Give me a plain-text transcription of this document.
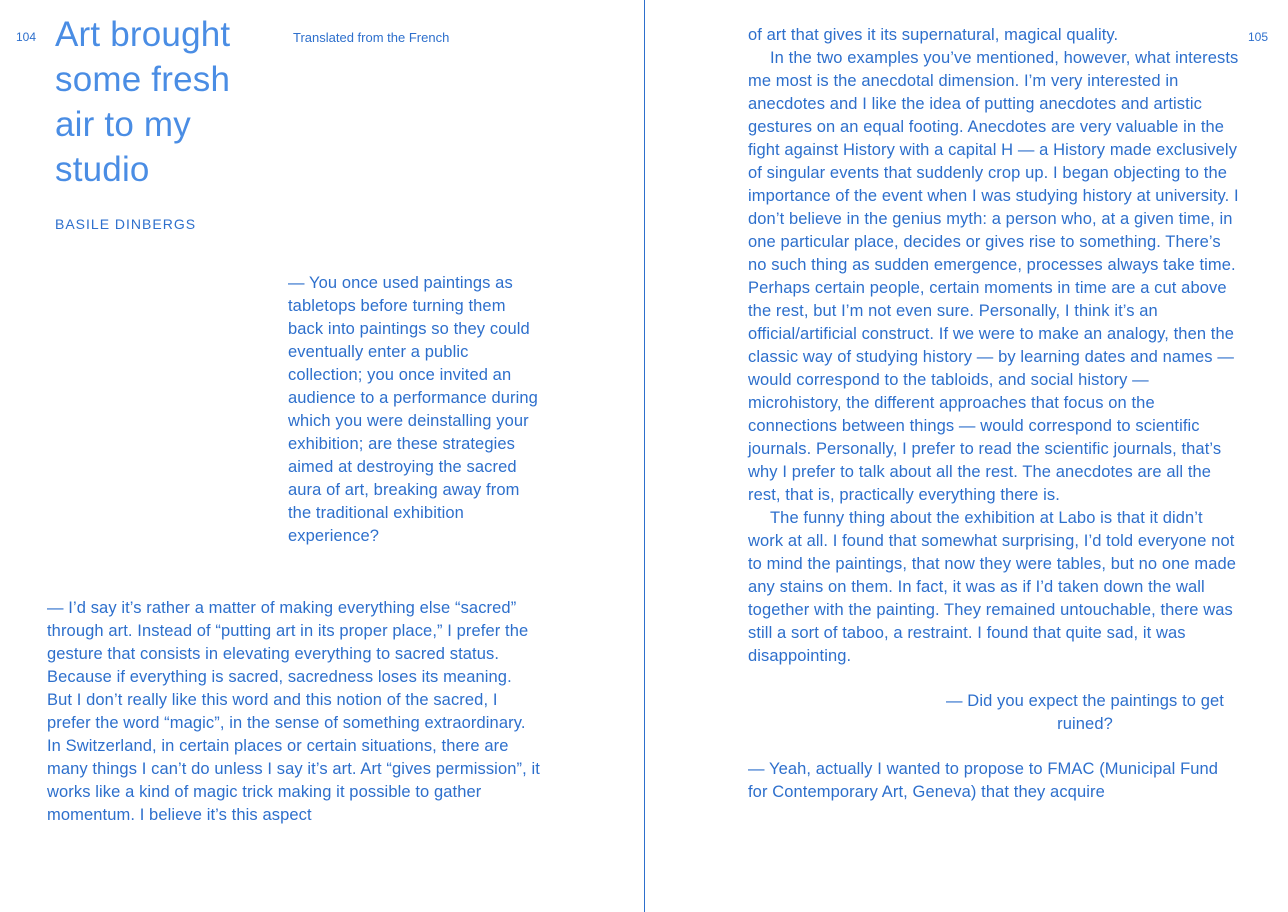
104 Art brought some fresh air to my studio
Translated from the French
BASILE DINBERGS
— You once used paintings as tabletops before turning them back into paintings so they could eventually enter a public collection; you once invited an audience to a performance during which you were deinstalling your exhibition; are these strategies aimed at destroying the sacred aura of art, breaking away from the traditional exhibition experience?
— I’d say it’s rather a matter of making everything else “sacred” through art. Instead of “putting art in its proper place,” I prefer the gesture that consists in elevating everything to sacred status. Because if everything is sacred, sacredness loses its meaning. But I don’t really like this word and this notion of the sacred, I prefer the word “magic”, in the sense of something extraordinary. In Switzerland, in certain places or certain situations, there are many things I can’t do unless I say it’s art. Art “gives permission”, it works like a kind of magic trick making it possible to gather momentum. I believe it’s this aspect
105

of art that gives it its supernatural, magical quality.

In the two examples you’ve mentioned, however, what interests me most is the anecdotal dimension. I’m very interested in anecdotes and I like the idea of putting anecdotes and artistic gestures on an equal footing. Anecdotes are very valuable in the fight against History with a capital H — a History made exclusively of singular events that suddenly crop up. I began objecting to the importance of the event when I was studying history at university. I don’t believe in the genius myth: a person who, at a given time, in one particular place, decides or gives rise to something. There’s no such thing as sudden emergence, processes always take time. Perhaps certain people, certain moments in time are a cut above the rest, but I’m not even sure. Personally, I think it’s an official/artificial construct. If we were to make an analogy, then the classic way of studying history — by learning dates and names — would correspond to the tabloids, and social history — microhistory, the different approaches that focus on the connections between things — would correspond to scientific journals. Personally, I prefer to read the scientific journals, that’s why I prefer to talk about all the rest. The anecdotes are all the rest, that is, practically everything there is.

The funny thing about the exhibition at Labo is that it didn’t work at all. I found that somewhat surprising, I’d told everyone not to mind the paintings, that now they were tables, but no one made any stains on them. In fact, it was as if I’d taken down the wall together with the painting. They remained untouchable, there was still a sort of taboo, a restraint. I found that quite sad, it was disappointing.

— Did you expect the paintings to get ruined?

— Yeah, actually I wanted to propose to FMAC (Municipal Fund for Contemporary Art, Geneva) that they acquire
